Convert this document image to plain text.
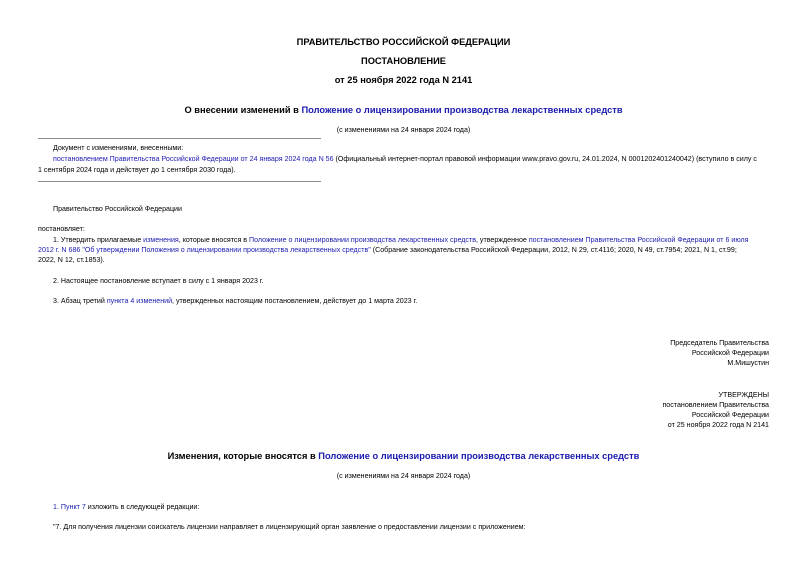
ПРАВИТЕЛЬСТВО РОССИЙСКОЙ ФЕДЕРАЦИИ
ПОСТАНОВЛЕНИЕ
от 25 ноября 2022 года N 2141
О внесении изменений в Положение о лицензировании производства лекарственных средств
(с изменениями на 24 января 2024 года)
Документ с изменениями, внесенными:
постановлением Правительства Российской Федерации от 24 января 2024 года N 56 (Официальный интернет-портал правовой информации www.pravo.gov.ru, 24.01.2024, N 0001202401240042) (вступило в силу с
1 сентября 2024 года и действует до 1 сентября 2030 года).
Правительство Российской Федерации
постановляет:
1. Утвердить прилагаемые изменения, которые вносятся в Положение о лицензировании производства лекарственных средств, утвержденное постановлением Правительства Российской Федерации от 6 июля
2012 г. N 686 "Об утверждении Положения о лицензировании производства лекарственных средств" (Собрание законодательства Российской Федерации, 2012, N 29, ст.4116; 2020, N 49, ст.7954; 2021, N 1, ст.99;
2022, N 12, ст.1853).
2. Настоящее постановление вступает в силу с 1 января 2023 г.
3. Абзац третий пункта 4 изменений, утвержденных настоящим постановлением, действует до 1 марта 2023 г.
Председатель Правительства
Российской Федерации
М.Мишустин
УТВЕРЖДЕНЫ
постановлением Правительства
Российской Федерации
от 25 ноября 2022 года N 2141
Изменения, которые вносятся в Положение о лицензировании производства лекарственных средств
(с изменениями на 24 января 2024 года)
1. Пункт 7 изложить в следующей редакции:
"7. Для получения лицензии соискатель лицензии направляет в лицензирующий орган заявление о предоставлении лицензии с приложением:
